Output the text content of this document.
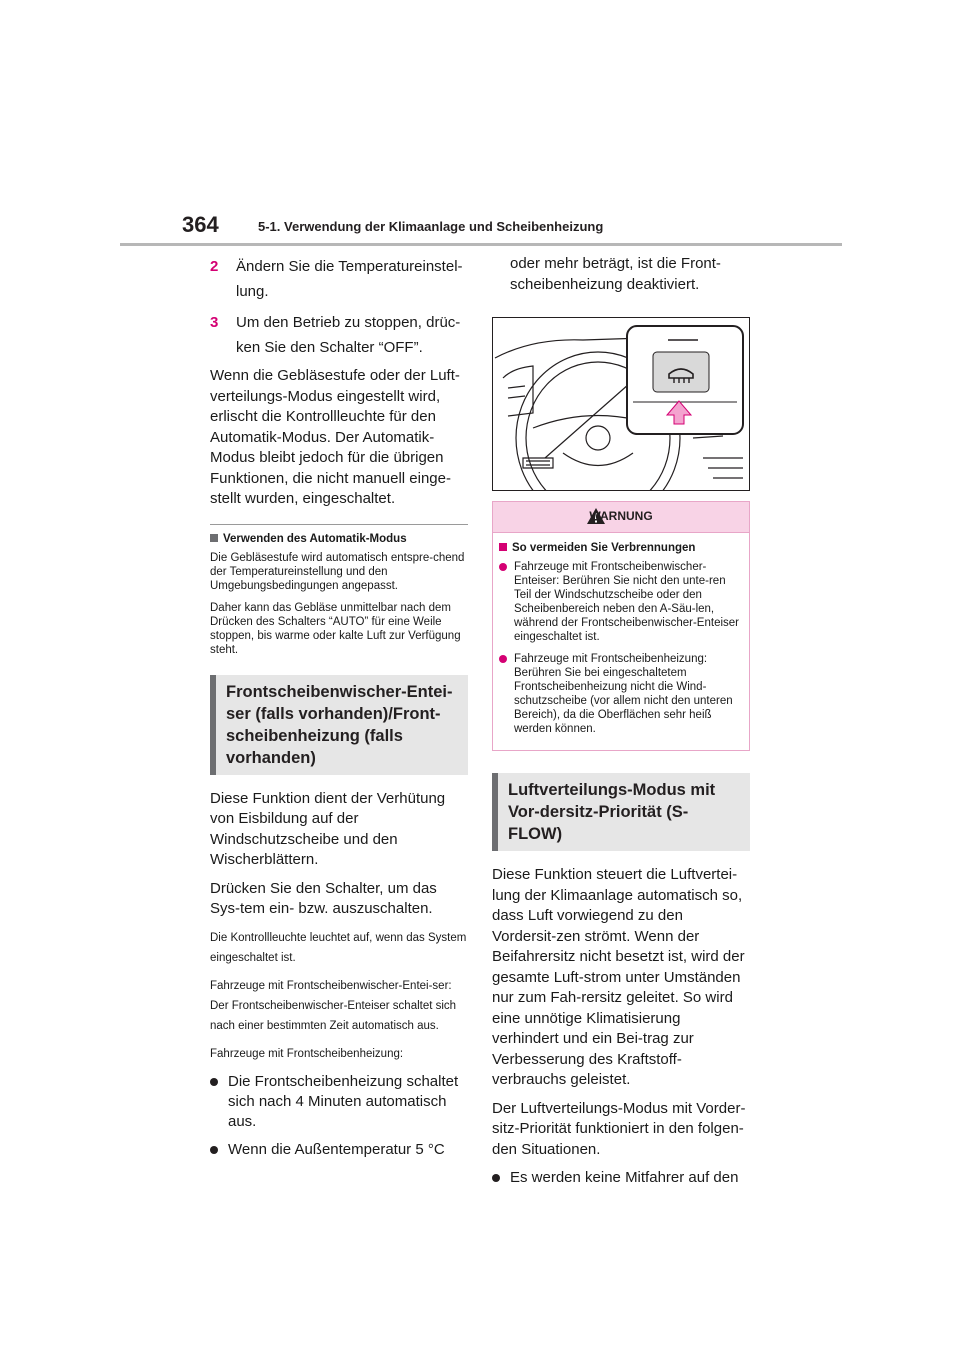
364	5-1. Verwendung der Klimaanlage und Scheibenheizung
2 Ändern Sie die Temperatureinstel-lung.
3 Um den Betrieb zu stoppen, drüc-ken Sie den Schalter “OFF”.

Wenn die Gebläsestufe oder der Luft-verteilungs-Modus eingestellt wird, erlischt die Kontrollleuchte für den Automatik-Modus. Der Automatik-Modus bleibt jedoch für die übrigen Funktionen, die nicht manuell einge-stellt wurden, eingeschaltet.

Verwenden des Automatik-Modus

Die Gebläsestufe wird automatisch entspre-chend der Temperatureinstellung und den Umgebungsbedingungen angepasst.

Daher kann das Gebläse unmittelbar nach dem Drücken des Schalters “AUTO” für eine Weile stoppen, bis warme oder kalte Luft zur Verfügung steht.

Frontscheibenwischer-Entei-ser (falls vorhanden)/Front-scheibenheizung (falls vorhanden)

Diese Funktion dient der Verhütung von Eisbildung auf der Windschutzscheibe und den Wischerblättern.

Drücken Sie den Schalter, um das Sys-tem ein- bzw. auszuschalten.

Die Kontrollleuchte leuchtet auf, wenn das System eingeschaltet ist.

Fahrzeuge mit Frontscheibenwischer-Entei-ser: Der Frontscheibenwischer-Enteiser schaltet sich nach einer bestimmten Zeit automatisch aus.

Fahrzeuge mit Frontscheibenheizung:

Die Frontscheibenheizung schaltet sich nach 4 Minuten automatisch aus.
Wenn die Außentemperatur 5 °C

oder mehr beträgt, ist die Front-scheibenheizung deaktiviert.

WARNUNG
So vermeiden Sie Verbrennungen
Fahrzeuge mit Frontscheibenwischer-Enteiser: Berühren Sie nicht den unte-ren Teil der Windschutzscheibe oder den Scheibenbereich neben den A-Säu-len, während der Frontscheibenwischer-Enteiser eingeschaltet ist.
Fahrzeuge mit Frontscheibenheizung: Berühren Sie bei eingeschaltetem Frontscheibenheizung nicht die Wind-schutzscheibe (vor allem nicht den unteren Bereich), da die Oberflächen sehr heiß werden können.
Luftverteilungs-Modus mit Vor-dersitz-Priorität (S-FLOW)

Diese Funktion steuert die Luftvertei-lung der Klimaanlage automatisch so, dass Luft vorwiegend zu den Vordersit-zen strömt. Wenn der Beifahrersitz nicht besetzt ist, wird der gesamte Luft-strom unter Umständen nur zum Fah-rersitz geleitet. So wird eine unnötige Klimatisierung verhindert und ein Bei-trag zur Verbesserung des Kraftstoff-verbrauchs geleistet.

Der Luftverteilungs-Modus mit Vorder-sitz-Priorität funktioniert in den folgen-den Situationen.

Es werden keine Mitfahrer auf den
